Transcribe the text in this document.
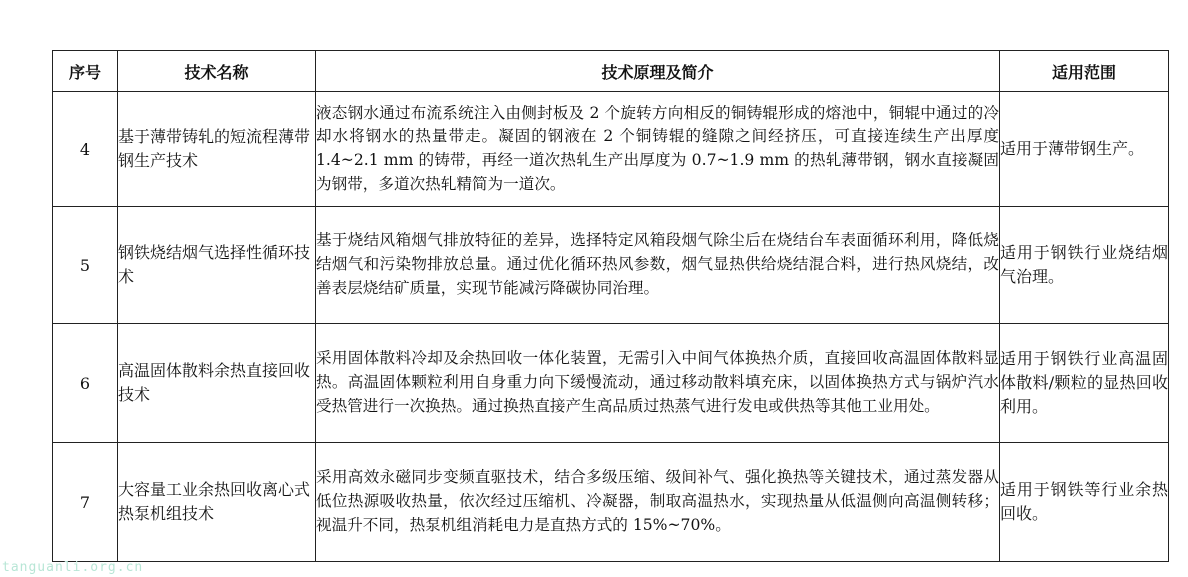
序号	技术名称	技术原理及简介	适用范围
4	基于薄带铸轧的短流程薄带钢生产技术	液态钢水通过布流系统注入由侧封板及 2 个旋转方向相反的铜铸辊形成的熔池中，铜辊中通过的冷却水将钢水的热量带走。凝固的钢液在 2 个铜铸辊的缝隙之间经挤压，可直接连续生产出厚度 1.4~2.1 mm 的铸带，再经一道次热轧生产出厚度为 0.7~1.9 mm 的热轧薄带钢，钢水直接凝固为钢带，多道次热轧精简为一道次。	适用于薄带钢生产。
5	钢铁烧结烟气选择性循环技术	基于烧结风箱烟气排放特征的差异，选择特定风箱段烟气除尘后在烧结台车表面循环利用，降低烧结烟气和污染物排放总量。通过优化循环热风参数，烟气显热供给烧结混合料，进行热风烧结，改善表层烧结矿质量，实现节能减污降碳协同治理。	适用于钢铁行业烧结烟气治理。
6	高温固体散料余热直接回收技术	采用固体散料冷却及余热回收一体化装置，无需引入中间气体换热介质，直接回收高温固体散料显热。高温固体颗粒利用自身重力向下缓慢流动，通过移动散料填充床，以固体换热方式与锅炉汽水受热管进行一次换热。通过换热直接产生高品质过热蒸气进行发电或供热等其他工业用处。	适用于钢铁行业高温固体散料/颗粒的显热回收利用。
7	大容量工业余热回收离心式热泵机组技术	采用高效永磁同步变频直驱技术，结合多级压缩、级间补气、强化换热等关键技术，通过蒸发器从低位热源吸收热量，依次经过压缩机、冷凝器，制取高温热水，实现热量从低温侧向高温侧转移；视温升不同，热泵机组消耗电力是直热方式的 15%~70%。	适用于钢铁等行业余热回收。
tanguanli.org.cn
